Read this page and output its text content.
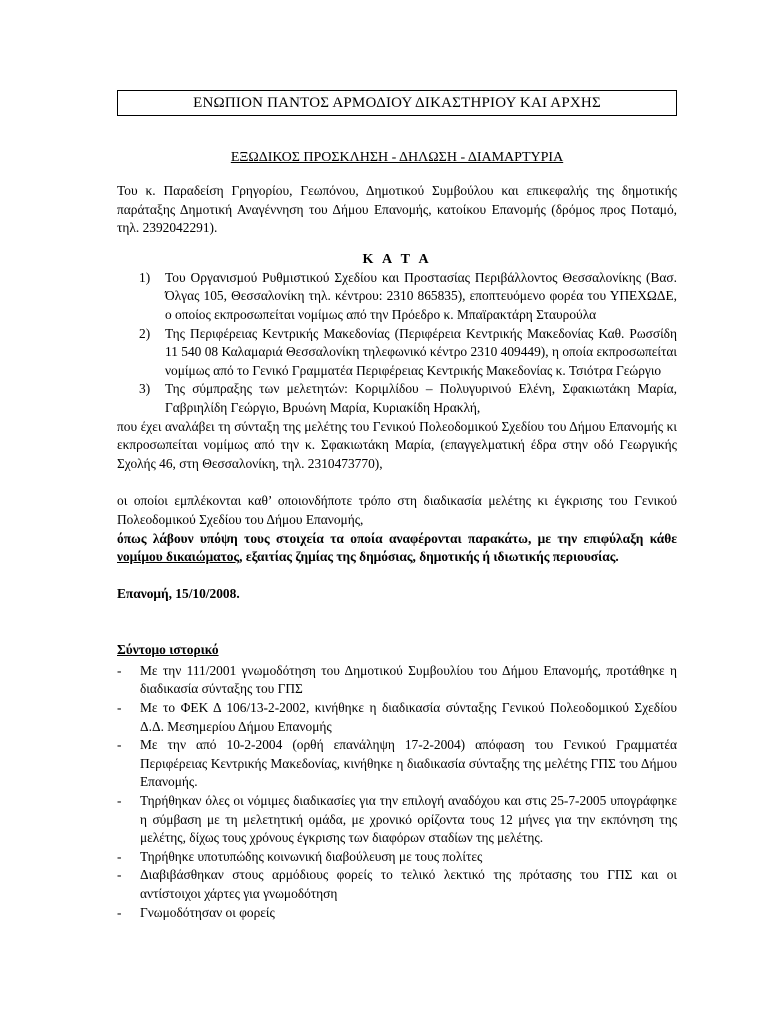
ΕΝΩΠΙΟΝ ΠΑΝΤΟΣ ΑΡΜΟΔΙΟΥ ΔΙΚΑΣΤΗΡΙΟΥ ΚΑΙ ΑΡΧΗΣ
ΕΞΩΔΙΚΟΣ ΠΡΟΣΚΛΗΣΗ - ΔΗΛΩΣΗ - ΔΙΑΜΑΡΤΥΡΙΑ
Του κ. Παραδείση Γρηγορίου, Γεωπόνου, Δημοτικού Συμβούλου και επικεφαλής της δημοτικής παράταξης Δημοτική Αναγέννηση του Δήμου Επανομής, κατοίκου Επανομής (δρόμος προς Ποταμό, τηλ. 2392042291).
Κ Α Τ Α
1) Του Οργανισμού Ρυθμιστικού Σχεδίου και Προστασίας Περιβάλλοντος Θεσσαλονίκης (Βασ. Όλγας 105, Θεσσαλονίκη τηλ. κέντρου: 2310 865835), εποπτευόμενο φορέα του ΥΠΕΧΩΔΕ, ο οποίος εκπροσωπείται νομίμως από την Πρόεδρο κ. Μπαϊρακτάρη Σταυρούλα
2) Της Περιφέρειας Κεντρικής Μακεδονίας (Περιφέρεια Κεντρικής Μακεδονίας Καθ. Ρωσσίδη 11 540 08 Καλαμαριά Θεσσαλονίκη τηλεφωνικό κέντρο 2310 409449), η οποία εκπροσωπείται νομίμως από το Γενικό Γραμματέα Περιφέρειας Κεντρικής Μακεδονίας κ. Τσιότρα Γεώργιο
3) Της σύμπραξης των μελετητών: Κοριμλίδου – Πολυγυρινού Ελένη, Σφακιωτάκη Μαρία, Γαβριηλίδη Γεώργιο, Βρυώνη Μαρία, Κυριακίδη Ηρακλή,
που έχει αναλάβει τη σύνταξη της μελέτης του Γενικού Πολεοδομικού Σχεδίου του Δήμου Επανομής κι εκπροσωπείται νομίμως από την κ. Σφακιωτάκη Μαρία, (επαγγελματική έδρα στην οδό Γεωργικής Σχολής 46, στη Θεσσαλονίκη, τηλ. 2310473770),
οι οποίοι εμπλέκονται καθ’ οποιονδήποτε τρόπο στη διαδικασία μελέτης κι έγκρισης του Γενικού Πολεοδομικού Σχεδίου του Δήμου Επανομής,
όπως λάβουν υπόψη τους στοιχεία τα οποία αναφέρονται παρακάτω, με την επιφύλαξη κάθε νομίμου δικαιώματος, εξαιτίας ζημίας της δημόσιας, δημοτικής ή ιδιωτικής περιουσίας.
Επανομή, 15/10/2008.
Σύντομο ιστορικό
- Με την 111/2001 γνωμοδότηση του Δημοτικού Συμβουλίου του Δήμου Επανομής, προτάθηκε η διαδικασία σύνταξης του ΓΠΣ
- Με το ΦΕΚ Δ 106/13-2-2002, κινήθηκε η διαδικασία σύνταξης Γενικού Πολεοδομικού Σχεδίου Δ.Δ. Μεσημερίου Δήμου Επανομής
- Με την από 10-2-2004 (ορθή επανάληψη 17-2-2004) απόφαση του Γενικού Γραμματέα Περιφέρειας Κεντρικής Μακεδονίας, κινήθηκε η διαδικασία σύνταξης της μελέτης ΓΠΣ του Δήμου Επανομής.
- Τηρήθηκαν όλες οι νόμιμες διαδικασίες για την επιλογή αναδόχου και στις 25-7-2005 υπογράφηκε η σύμβαση με τη μελετητική ομάδα, με χρονικό ορίζοντα τους 12 μήνες για την εκπόνηση της μελέτης, δίχως τους χρόνους έγκρισης των διαφόρων σταδίων της μελέτης.
- Τηρήθηκε υποτυπώδης κοινωνική διαβούλευση με τους πολίτες
- Διαβιβάσθηκαν στους αρμόδιους φορείς το τελικό λεκτικό της πρότασης του ΓΠΣ και οι αντίστοιχοι χάρτες για γνωμοδότηση
- Γνωμοδότησαν οι φορείς
